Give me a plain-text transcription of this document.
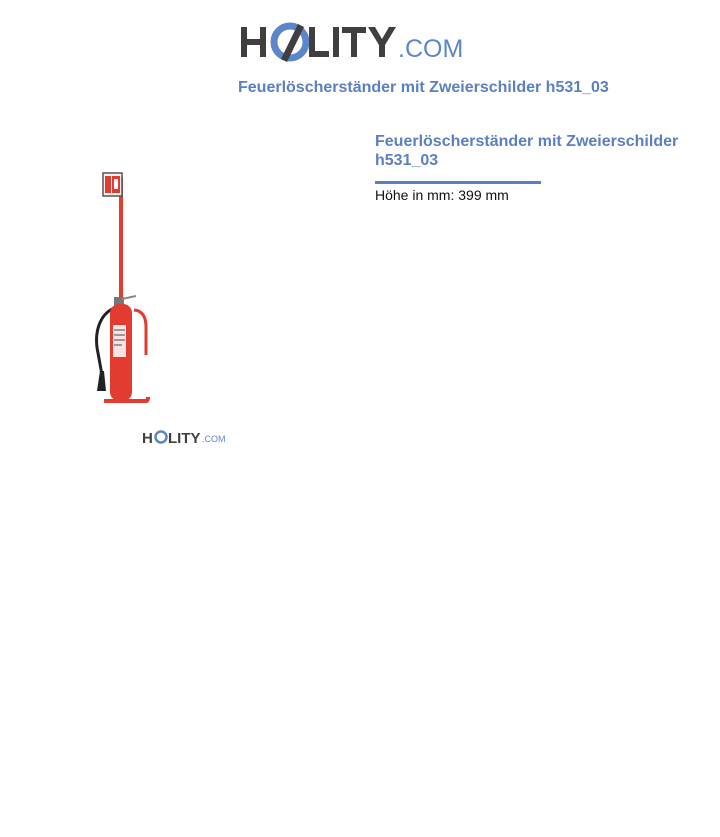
.COM
Feuerlöscherständer mit Zweierschilder h531_03
H LITY .COM
Feuerlöscherständer mit Zweierschilder h531_03

Höhe in mm: 399 mm
